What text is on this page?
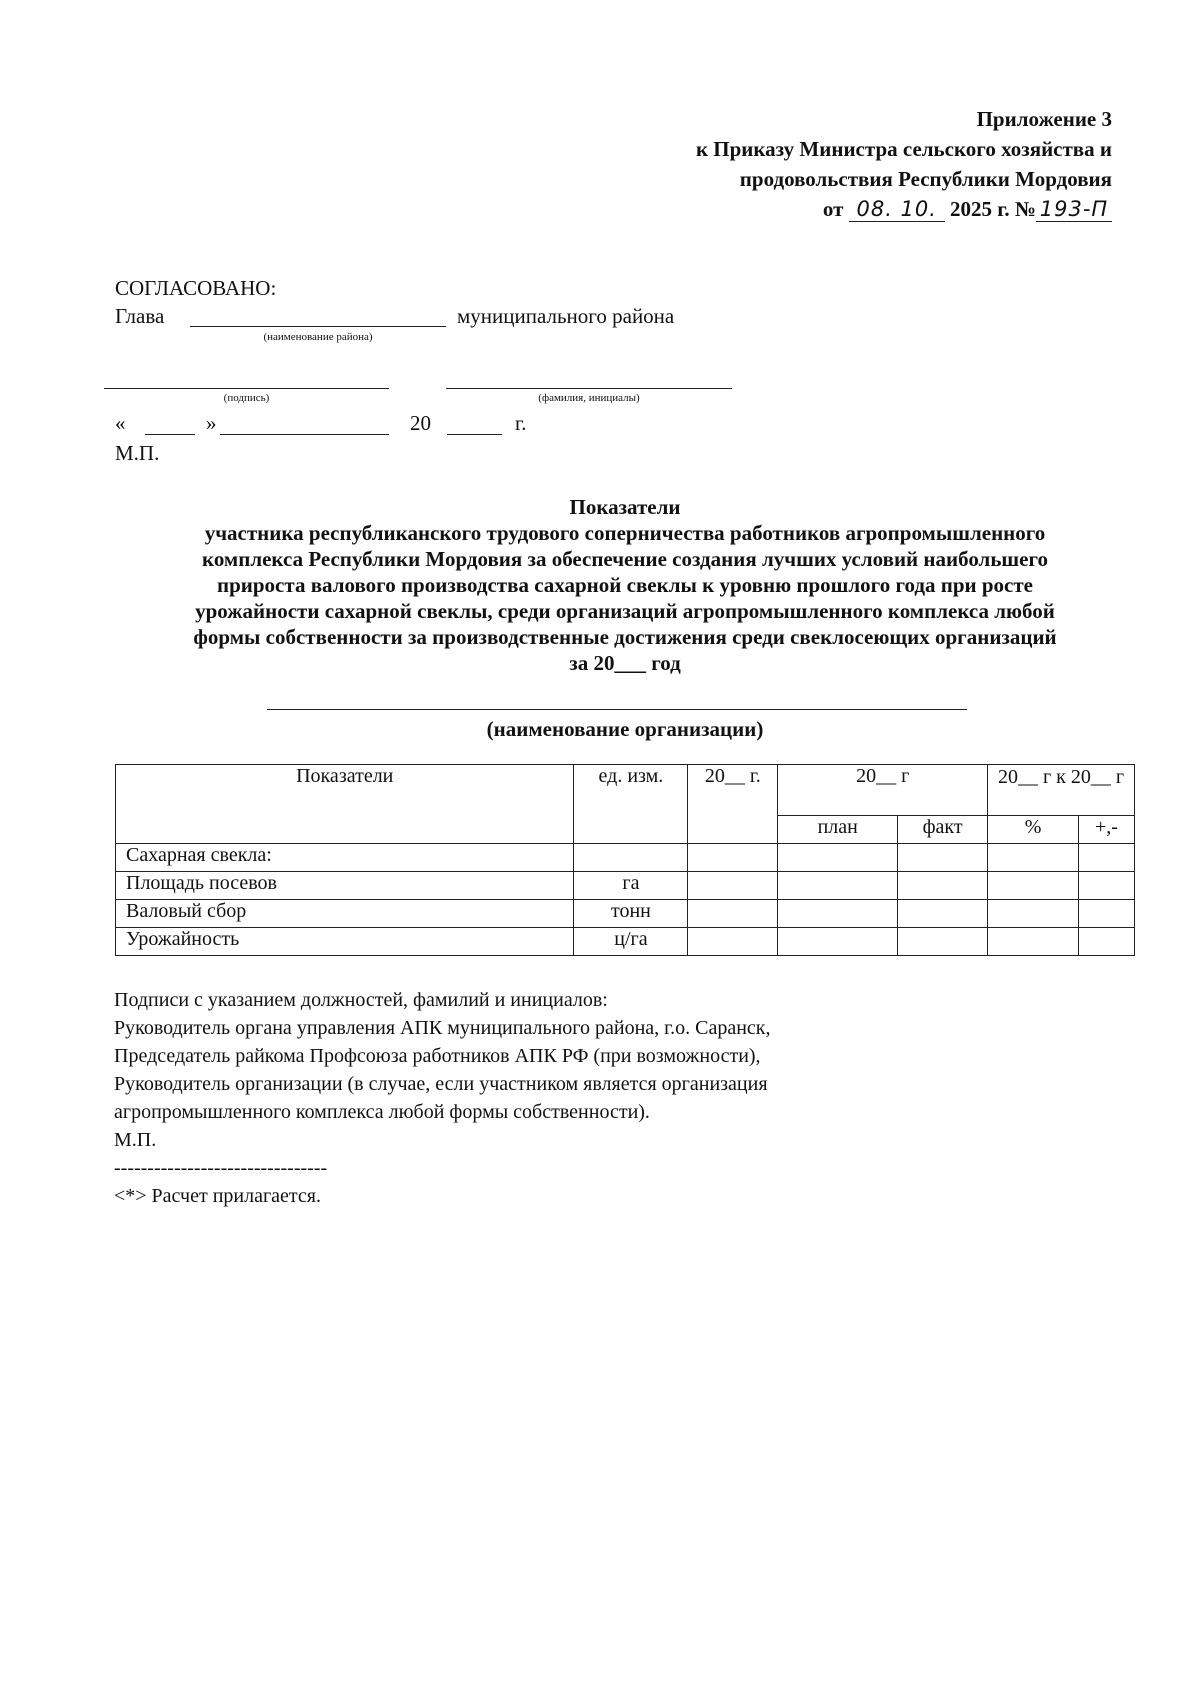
Приложение 3
к Приказу Министра сельского хозяйства и
продовольствия Республики Мордовия
от 08. 10. 2025 г. № 193-П
СОГЛАСОВАНО:
Глава	муниципального района
(наименование района)
(подпись)	(фамилия, инициалы)
«	»	20	г.
М.П.
Показатели
участника республиканского трудового соперничества работников агропромышленного
комплекса Республики Мордовия за обеспечение создания лучших условий наибольшего
прироста валового производства сахарной свеклы к уровню прошлого года при росте
урожайности сахарной свеклы, среди организаций агропромышленного комплекса любой
формы собственности за производственные достижения среди свеклосеющих организаций
за 20___ год
(наименование организации)
Показатели	ед. изм.	20__ г.	20__ г		20__ г к 20__ г	
			план	факт	%	+,-
Сахарная свекла:						
Площадь посевов	га					
Валовый сбор	тонн					
Урожайность	ц/га					
Подписи с указанием должностей, фамилий и инициалов:
Руководитель органа управления АПК муниципального района, г.о. Саранск,
Председатель райкома Профсоюза работников АПК РФ (при возможности),
Руководитель организации (в случае, если участником является организация
агропромышленного комплекса любой формы собственности).
М.П.
--------------------------------
<*> Расчет прилагается.
